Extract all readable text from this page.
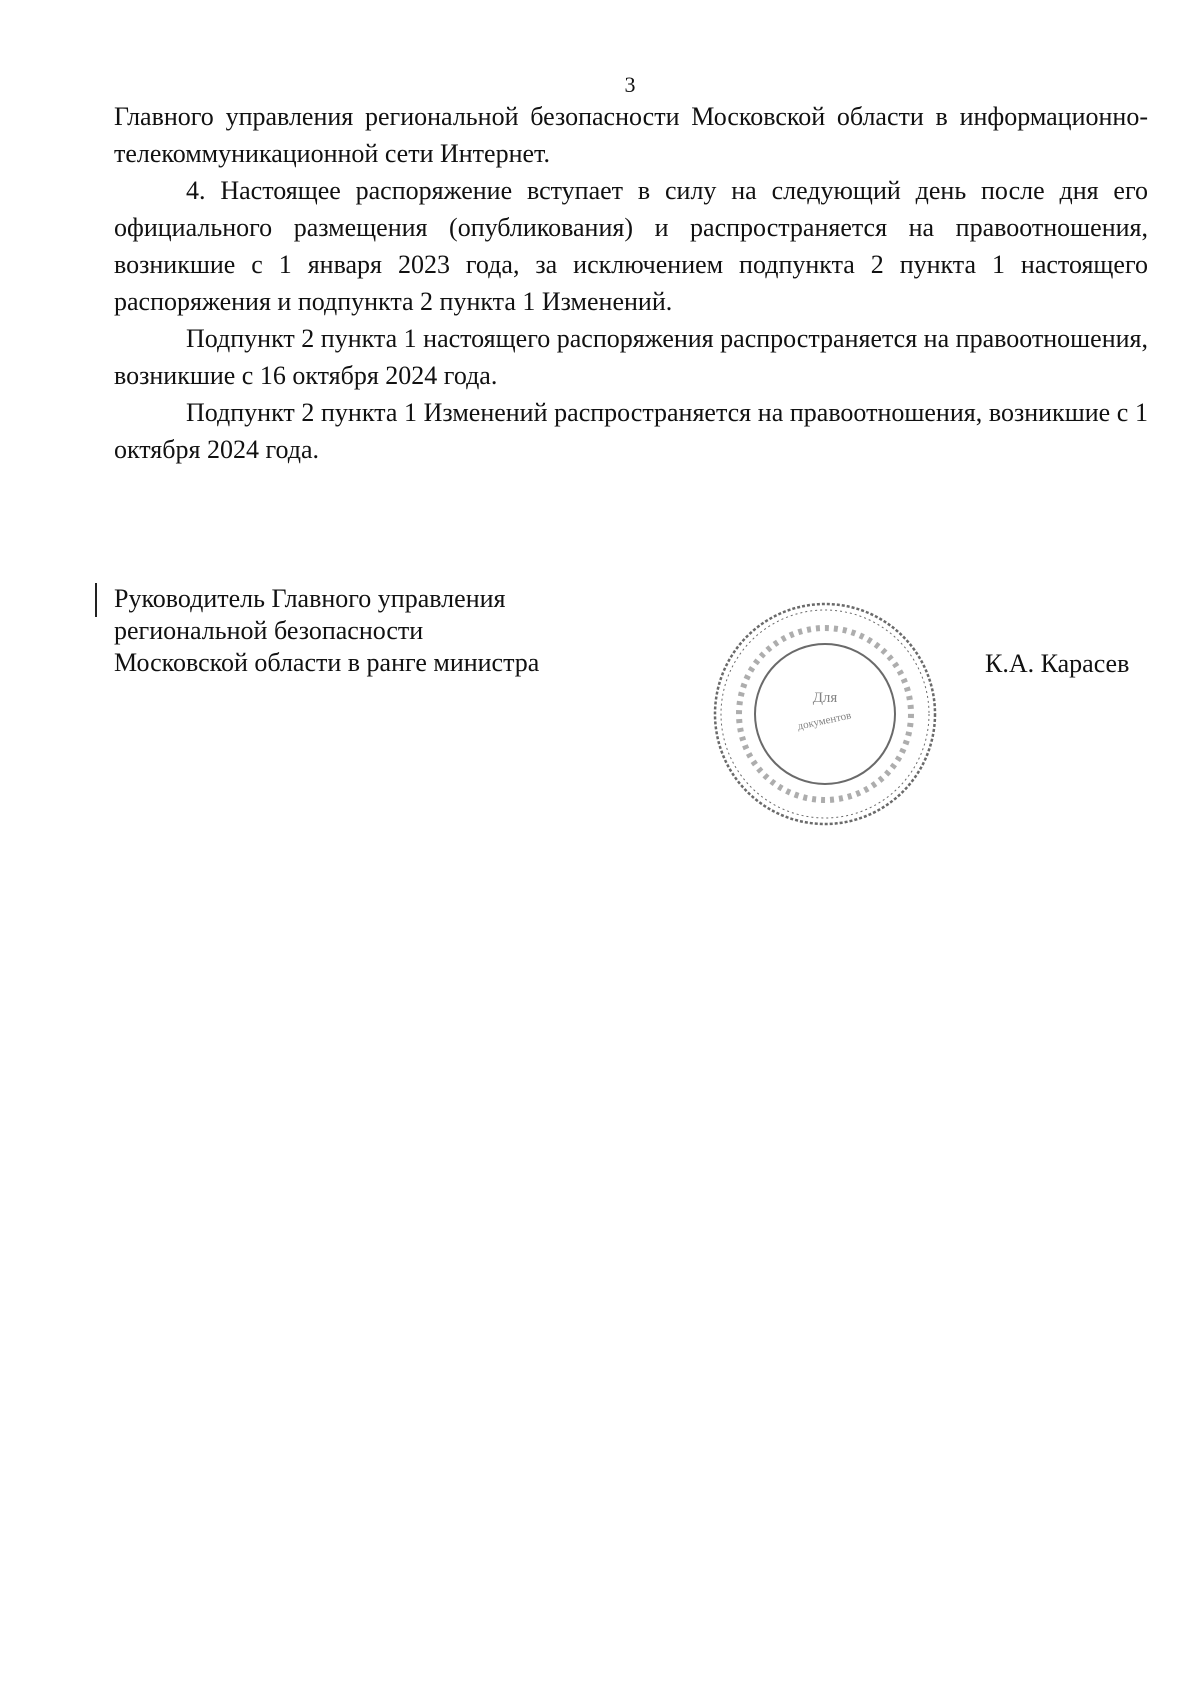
3

Главного управления региональной безопасности Московской области в информационно-телекоммуникационной сети Интернет.

4. Настоящее распоряжение вступает в силу на следующий день после дня его официального размещения (опубликования) и распространяется на правоотношения, возникшие с 1 января 2023 года, за исключением подпункта 2 пункта 1 настоящего распоряжения и подпункта 2 пункта 1 Изменений.

Подпункт 2 пункта 1 настоящего распоряжения распространяется на правоотношения, возникшие с 16 октября 2024 года.

Подпункт 2 пункта 1 Изменений распространяется на правоотношения, возникшие с 1 октября 2024 года.

Руководитель Главного управления
региональной безопасности
Московской области в ранге министра
Для
документов
К.А. Карасев
